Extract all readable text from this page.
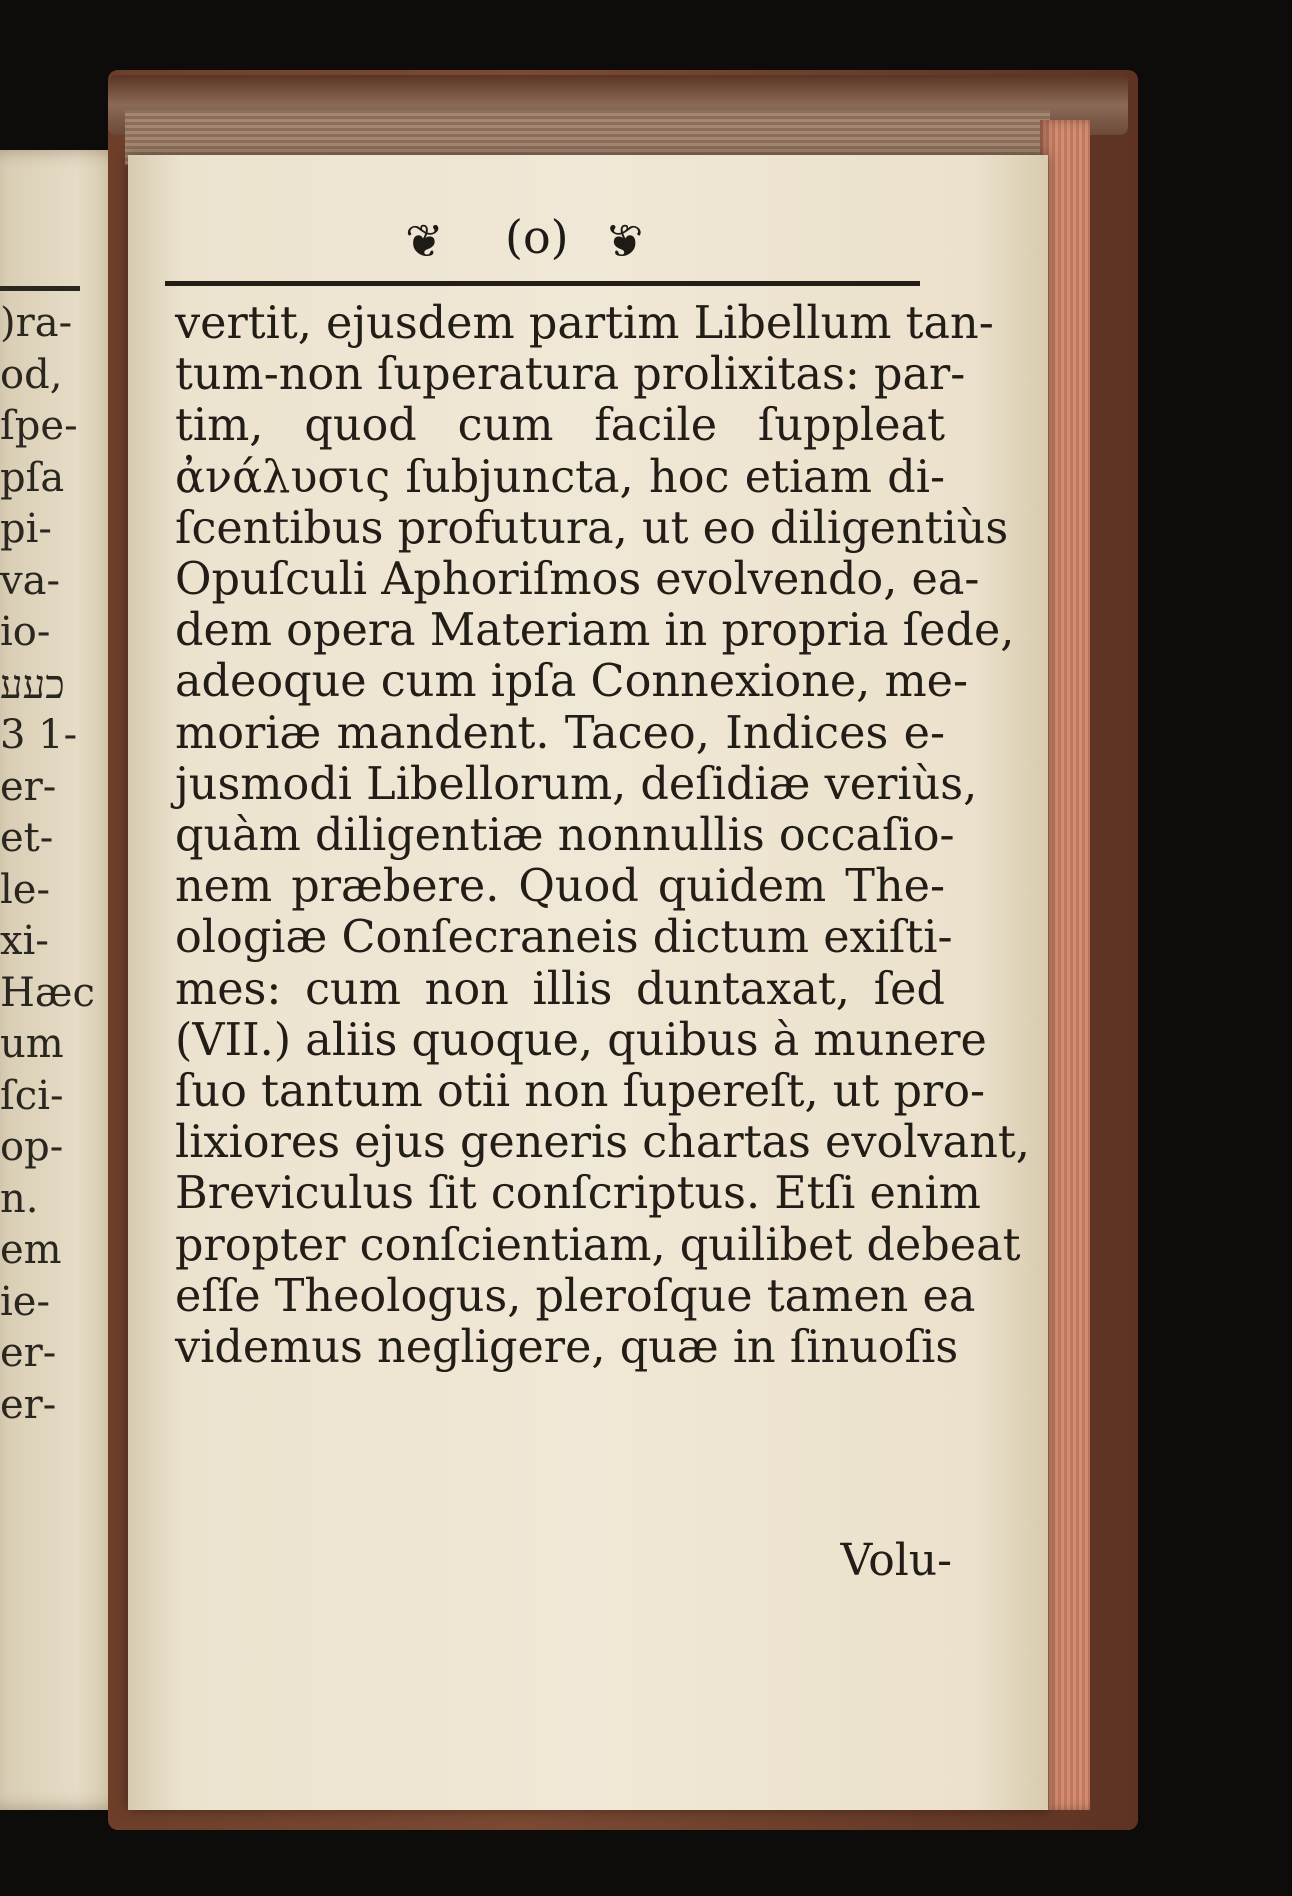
)ra-
od,
ſpe-
pſa
pi-
va-
io-
כעע
3 1-
er-
et-
le-
xi-
Hæc
um
ſci-
op-
n.
em
ie-
er-
er-
❦ (o) ❦
vertit, ejusdem partim Libellum tan-
tum-non ſuperatura prolixitas: par-
tim, quod cum facile ſuppleat
ἀνάλυσις ſubjuncta, hoc etiam di-
ſcentibus profutura, ut eo diligentiùs
Opuſculi Aphoriſmos evolvendo, ea-
dem opera Materiam in propria ſede,
adeoque cum ipſa Connexione, me-
moriæ mandent. Taceo, Indices e-
jusmodi Libellorum, deſidiæ veriùs,
quàm diligentiæ nonnullis occaſio-
nem præbere. Quod quidem The-
ologiæ Conſecraneis dictum exiſti-
mes: cum non illis duntaxat, ſed
(VII.) aliis quoque, quibus à munere
ſuo tantum otii non ſupereſt, ut pro-
lixiores ejus generis chartas evolvant,
Breviculus ſit conſcriptus. Etſi enim
propter conſcientiam, quilibet debeat
eſſe Theologus, pleroſque tamen ea
videmus negligere, quæ in ſinuoſis
Volu-
